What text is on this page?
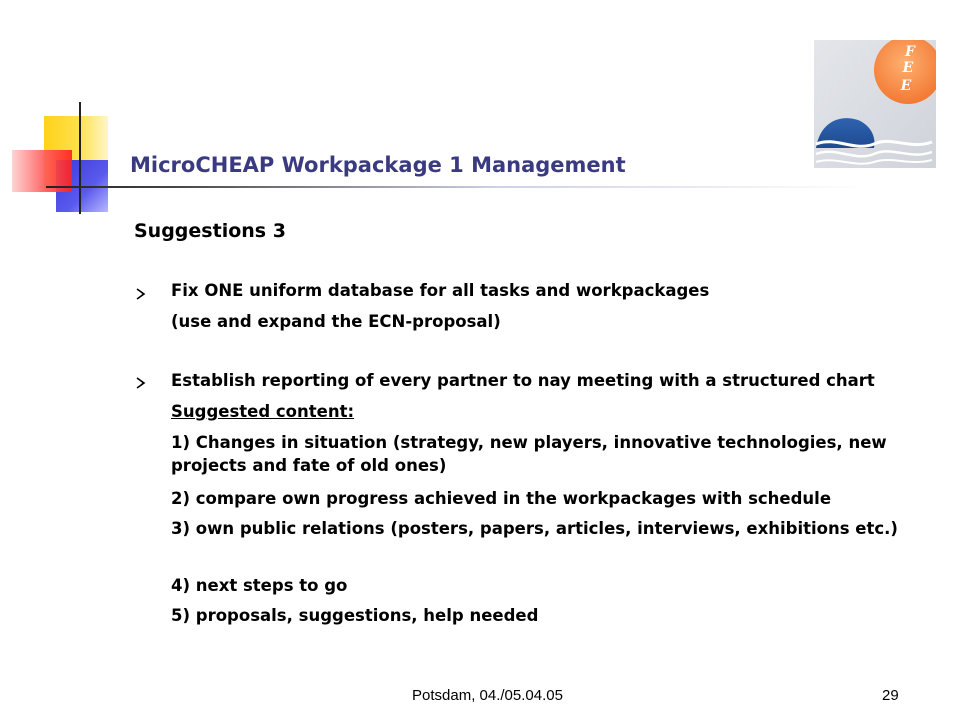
F
E
E
MicroCHEAP Workpackage 1 Management
Suggestions 3
Fix ONE uniform database for all tasks and workpackages
(use and expand the ECN-proposal)
Establish reporting of every partner to nay meeting with a structured chart
Suggested content:
1) Changes in situation (strategy, new players, innovative technologies, new projects and fate of old ones)
2) compare own progress achieved in the workpackages with schedule
3) own public relations (posters, papers, articles, interviews, exhibitions etc.)
4) next steps to go
5) proposals, suggestions, help needed
Potsdam, 04./05.04.05	29
